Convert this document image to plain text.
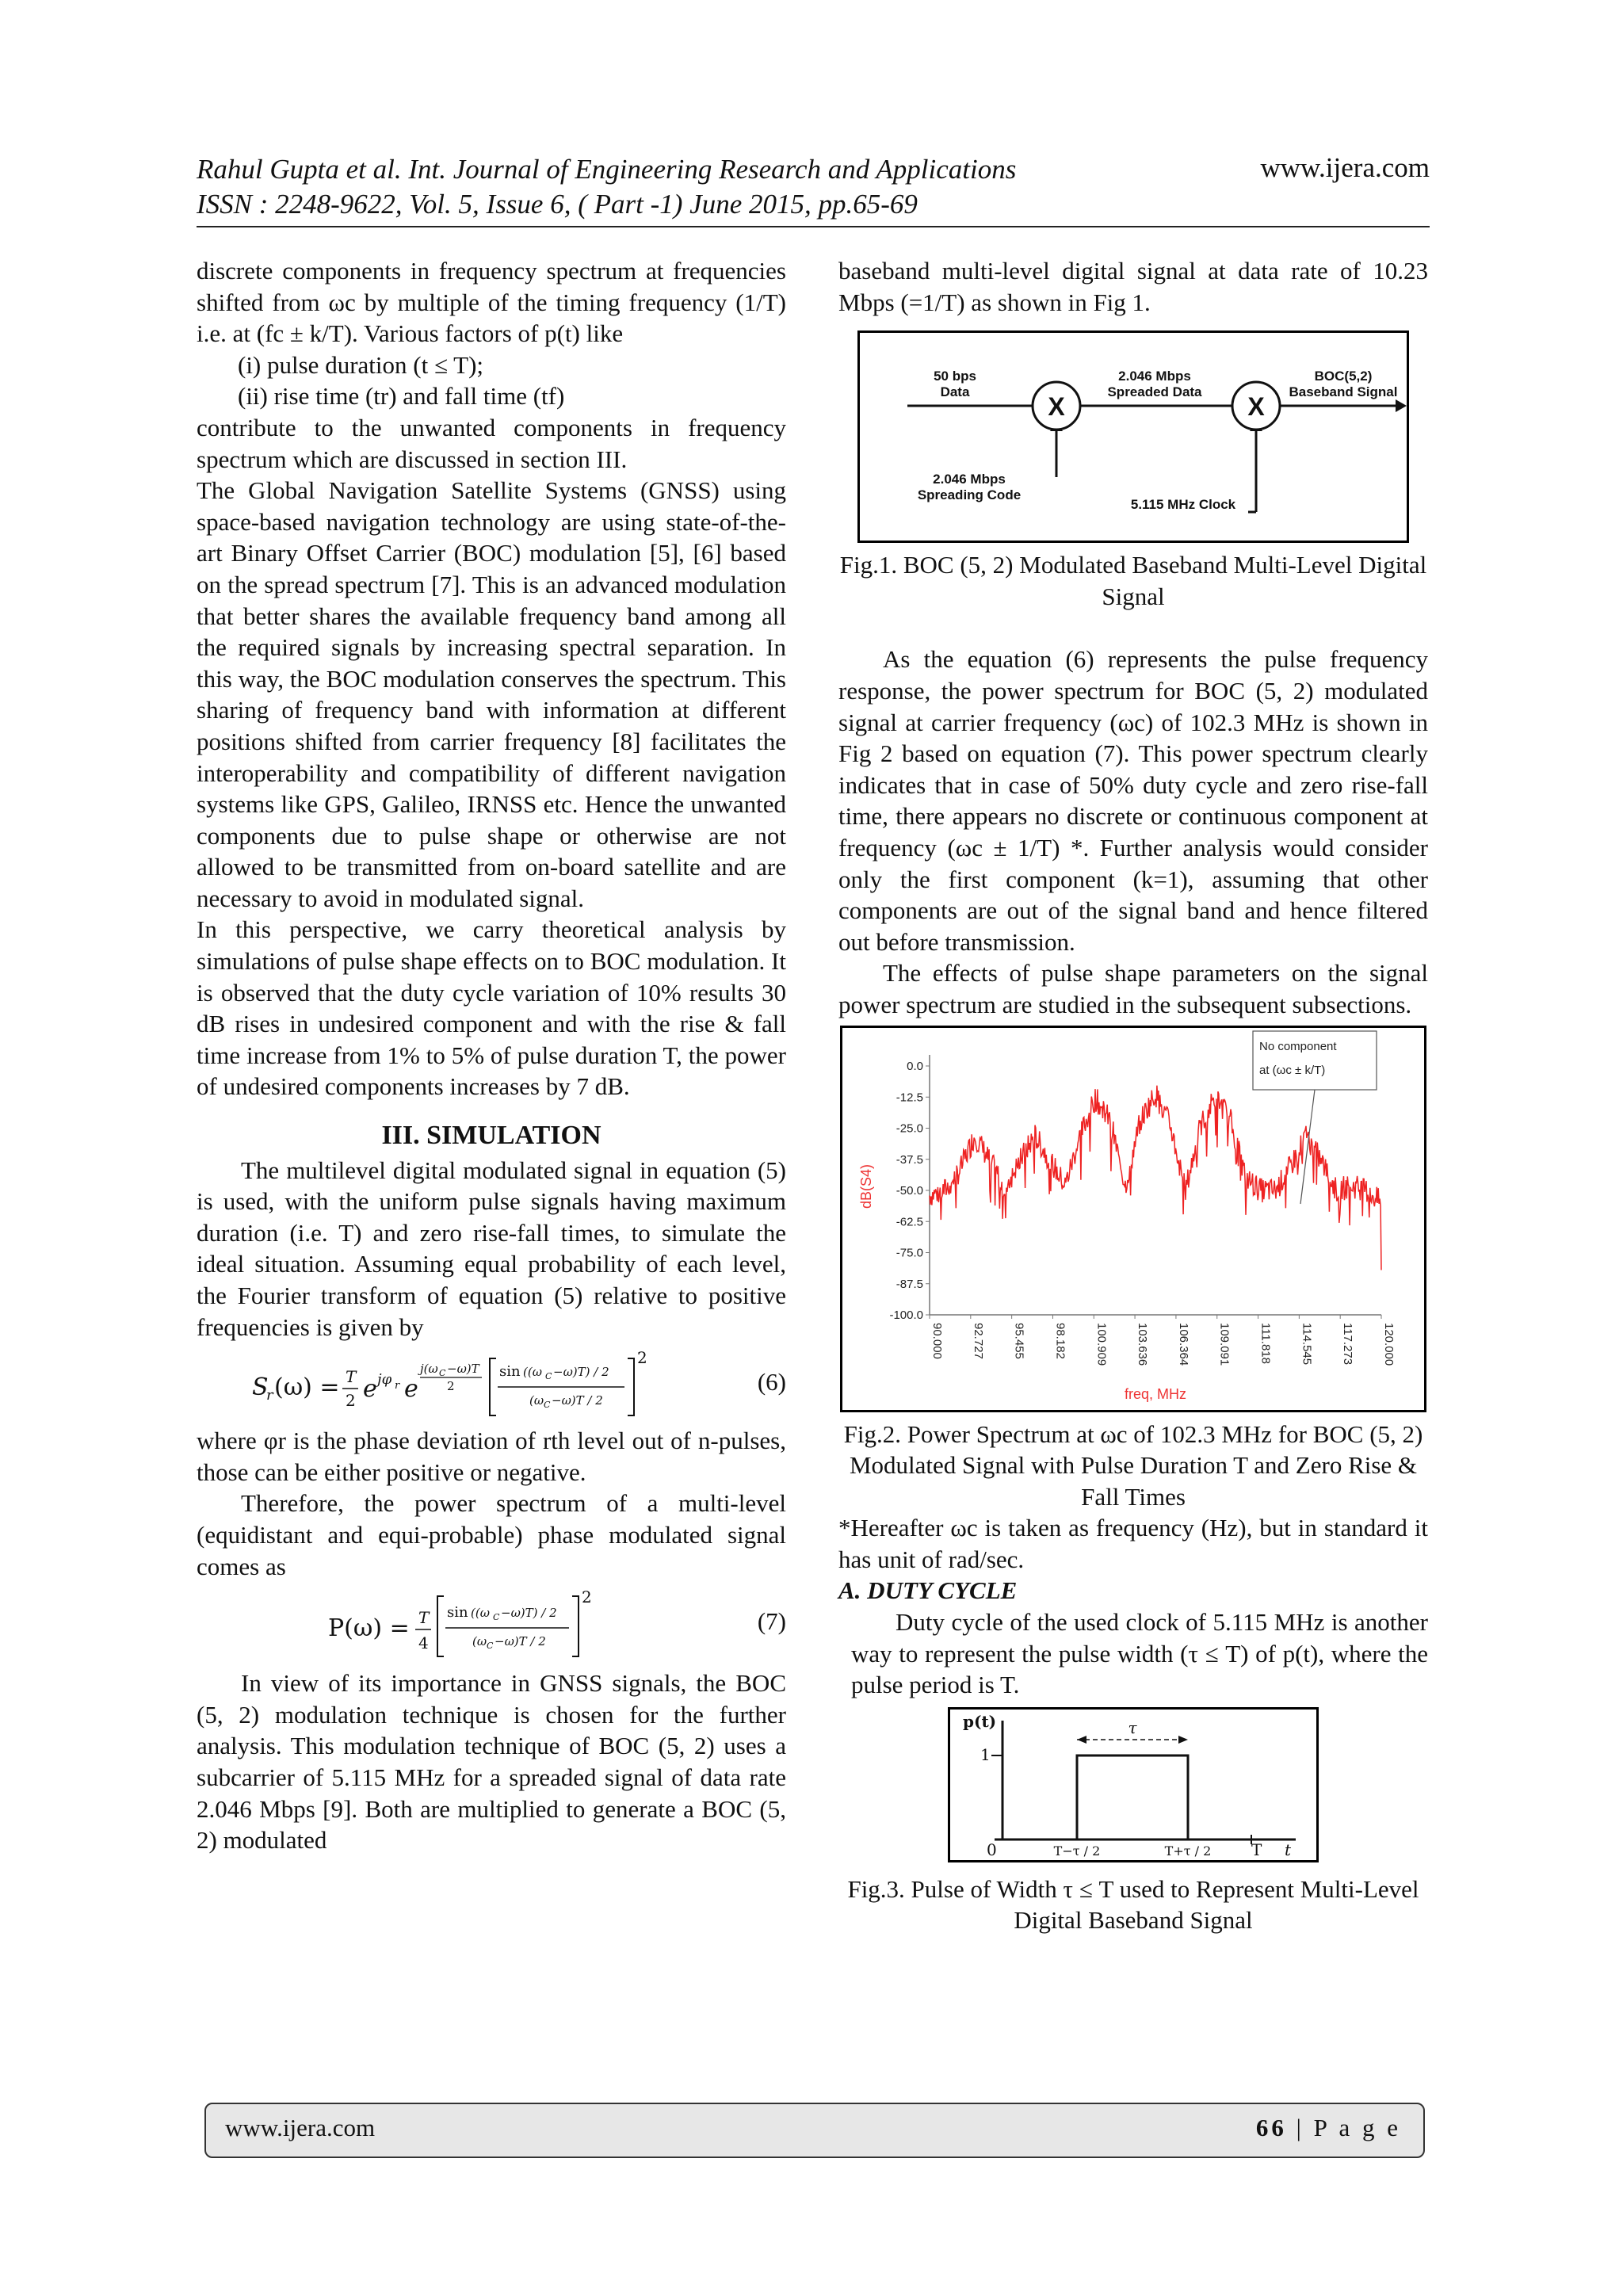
Rahul Gupta et al. Int. Journal of Engineering Research and Applications
ISSN : 2248-9622, Vol. 5, Issue 6, ( Part -1) June 2015, pp.65-69
www.ijera.com

discrete components in frequency spectrum at frequencies shifted from ωc by multiple of the timing frequency (1/T) i.e. at (fc ± k/T). Various factors of p(t) like

(i) pulse duration (t ≤ T);

(ii) rise time (tr) and fall time (tf)

contribute to the unwanted components in frequency spectrum which are discussed in section III.

The Global Navigation Satellite Systems (GNSS) using space-based navigation technology are using state-of-the-art Binary Offset Carrier (BOC) modulation [5], [6] based on the spread spectrum [7]. This is an advanced modulation that better shares the available frequency band among all the required signals by increasing spectral separation. In this way, the BOC modulation conserves the spectrum. This sharing of frequency band with information at different positions shifted from carrier frequency [8] facilitates the interoperability and compatibility of different navigation systems like GPS, Galileo, IRNSS etc. Hence the unwanted components due to pulse shape or otherwise are not allowed to be transmitted from on-board satellite and are necessary to avoid in modulated signal.

In this perspective, we carry theoretical analysis by simulations of pulse shape effects on to BOC modulation. It is observed that the duty cycle variation of 10% results 30 dB rises in undesired component and with the rise & fall time increase from 1% to 5% of pulse duration T, the power of undesired components increases by 7 dB.

III. SIMULATION

The multilevel digital modulated signal in equation (5) is used, with the uniform pulse signals having maximum duration (i.e. T) and zero rise-fall times, to simulate the ideal situation. Assuming equal probability of each level, the Fourier transform of equation (5) relative to positive frequencies is given by

S
r (ω) = T
2 e jφ r e
j(ω C −ω)T
2
sin ((ω C −ω)T) / 2
(ω C −ω)T / 2
2
(6)

where φr is the phase deviation of rth level out of n-pulses, those can be either positive or negative.

Therefore, the power spectrum of a multi-level (equidistant and equi-probable) phase modulated signal comes as

P(ω) = T
4
sin ((ω C −ω)T) / 2
(ω C −ω)T / 2
2
(7)

In view of its importance in GNSS signals, the BOC (5, 2) modulation technique is chosen for the further analysis. This modulation technique of BOC (5, 2) uses a subcarrier of 5.115 MHz for a spreaded signal of data rate 2.046 Mbps [9]. Both are multiplied to generate a BOC (5, 2) modulated

baseband multi-level digital signal at data rate of 10.23 Mbps (=1/T) as shown in Fig 1.

50 bps
Data
2.046 Mbps
Spreaded Data
BOC(5,2)
Baseband Signal
2.046 Mbps
Spreading Code
5.115 MHz Clock
X	X

Fig.1. BOC (5, 2) Modulated Baseband Multi-Level Digital Signal

As the equation (6) represents the pulse frequency response, the power spectrum for BOC (5, 2) modulated signal at carrier frequency (ωc) of 102.3 MHz is shown in Fig 2 based on equation (7). This power spectrum clearly indicates that in case of 50% duty cycle and zero rise-fall time, there appears no discrete or continuous component at frequency (ωc ± 1/T) *. Further analysis would consider only the first component (k=1), assuming that other components are out of the signal band and hence filtered out before transmission.

The effects of pulse shape parameters on the signal power spectrum are studied in the subsequent subsections.

0.0
-12.5
-25.0
-37.5
-50.0
-62.5
-75.0
-87.5
-100.0
90.000 92.727 95.455 98.182 100.909 103.636 106.364 109.091 111.818 114.545 117.273 120.000
dB(S4)
freq, MHz
No component
at (ωc ± k/T)

Fig.2. Power Spectrum at ωc of 102.3 MHz for BOC (5, 2) Modulated Signal with Pulse Duration T and Zero Rise & Fall Times

*Hereafter ωc is taken as frequency (Hz), but in standard it has unit of rad/sec.

A. DUTY CYCLE

Duty cycle of the used clock of 5.115 MHz is another way to represent the pulse width (τ ≤ T) of p(t), where the pulse period is T.

p(t)
1
0
τ
T−τ / 2	T+τ / 2	T t

Fig.3. Pulse of Width τ ≤ T used to Represent Multi-Level Digital Baseband Signal

www.ijera.com	66 | P a g e
